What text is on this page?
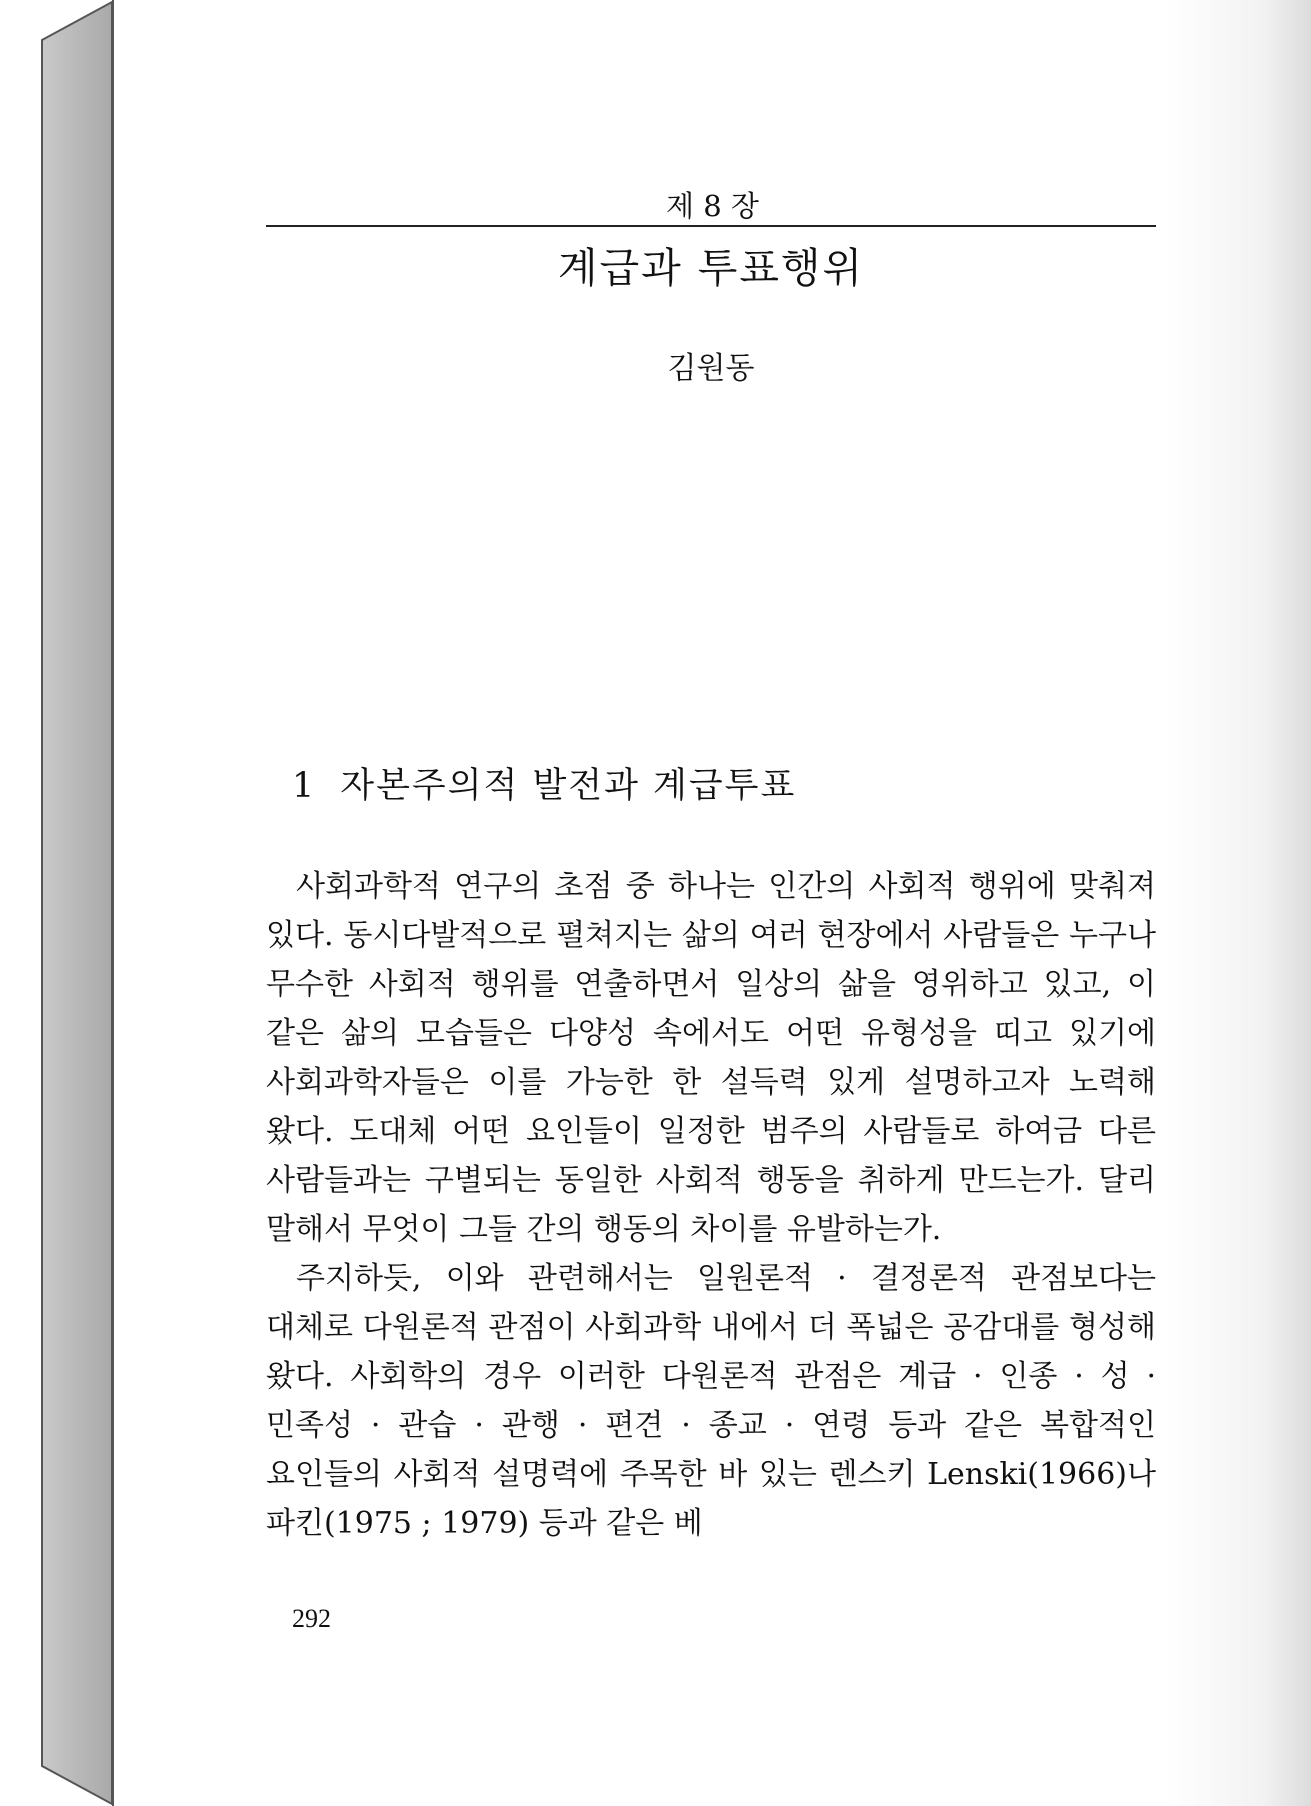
제 8 장
계급과 투표행위
김원동
1 자본주의적 발전과 계급투표

사회과학적 연구의 초점 중 하나는 인간의 사회적 행위에 맞춰져 있다. 동시다발적으로 펼쳐지는 삶의 여러 현장에서 사람들은 누구나 무수한 사회적 행위를 연출하면서 일상의 삶을 영위하고 있고, 이 같은 삶의 모습들은 다양성 속에서도 어떤 유형성을 띠고 있기에 사회과학자들은 이를 가능한 한 설득력 있게 설명하고자 노력해 왔다. 도대체 어떤 요인들이 일정한 범주의 사람들로 하여금 다른 사람들과는 구별되는 동일한 사회적 행동을 취하게 만드는가. 달리 말해서 무엇이 그들 간의 행동의 차이를 유발하는가.

주지하듯, 이와 관련해서는 일원론적 · 결정론적 관점보다는 대체로 다원론적 관점이 사회과학 내에서 더 폭넓은 공감대를 형성해 왔다. 사회학의 경우 이러한 다원론적 관점은 계급 · 인종 · 성 · 민족성 · 관습 · 관행 · 편견 · 종교 · 연령 등과 같은 복합적인 요인들의 사회적 설명력에 주목한 바 있는 렌스키 Lenski(1966)나 파킨(1975 ; 1979) 등과 같은 베

292
